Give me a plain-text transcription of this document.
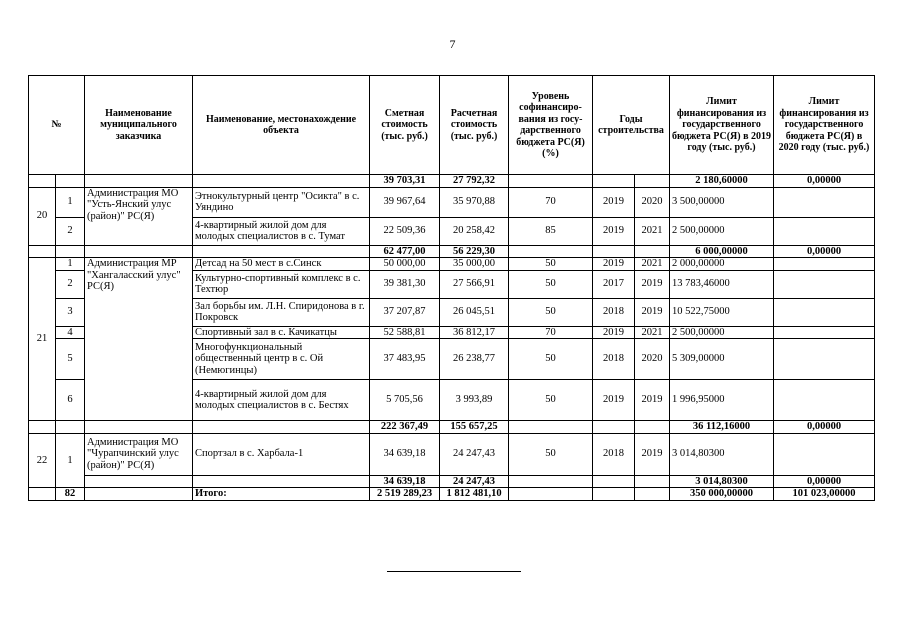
7
№		Наименование муниципального заказчика	Наименование, местонахождение объекта	Сметная стоимость (тыс. руб.)	Расчетная стоимость (тыс. руб.)	Уровень софинансиро-вания из госу-дарственного бюджета РС(Я) (%)	Годы строительства		Лимит финансирования из государственного бюджета РС(Я) в 2019 году (тыс. руб.)	Лимит финансирования из государственного бюджета РС(Я) в 2020 году (тыс. руб.)
				39 703,31	27 792,32				2 180,60000	0,00000
20	1	Администрация МО "Усть-Янский улус (район)" РС(Я)	Этнокультурный центр "Осикта" в с. Уяндино	39 967,64	35 970,88	70	2019	2020	3 500,00000	
	2		4-квартирный жилой дом для молодых специалистов в с. Тумат	22 509,36	20 258,42	85	2019	2021	2 500,00000	
				62 477,00	56 229,30				6 000,00000	0,00000
21	1	Администрация МР "Хангаласский улус" РС(Я)	Детсад на 50 мест в с.Синск	50 000,00	35 000,00	50	2019	2021	2 000,00000	
	2		Культурно-спортивный комплекс в с. Техтюр	39 381,30	27 566,91	50	2017	2019	13 783,46000	
	3		Зал борьбы им. Л.Н. Спиридонова в г. Покровск	37 207,87	26 045,51	50	2018	2019	10 522,75000	
	4		Спортивный зал в с. Качикатцы	52 588,81	36 812,17	70	2019	2021	2 500,00000	
	5		Многофункциональный общественный центр в с. Ой (Немюгинцы)	37 483,95	26 238,77	50	2018	2020	5 309,00000	
	6		4-квартирный жилой дом для молодых специалистов в с. Бестях	5 705,56	3 993,89	50	2019	2019	1 996,95000	
				222 367,49	155 657,25				36 112,16000	0,00000
22	1	Администрация МО "Чурапчинский улус (район)" РС(Я)	Спортзал в с. Харбала-1	34 639,18	24 247,43	50	2018	2019	3 014,80300	
				34 639,18	24 247,43				3 014,80300	0,00000
	82		Итого:	2 519 289,23	1 812 481,10				350 000,00000	101 023,00000
